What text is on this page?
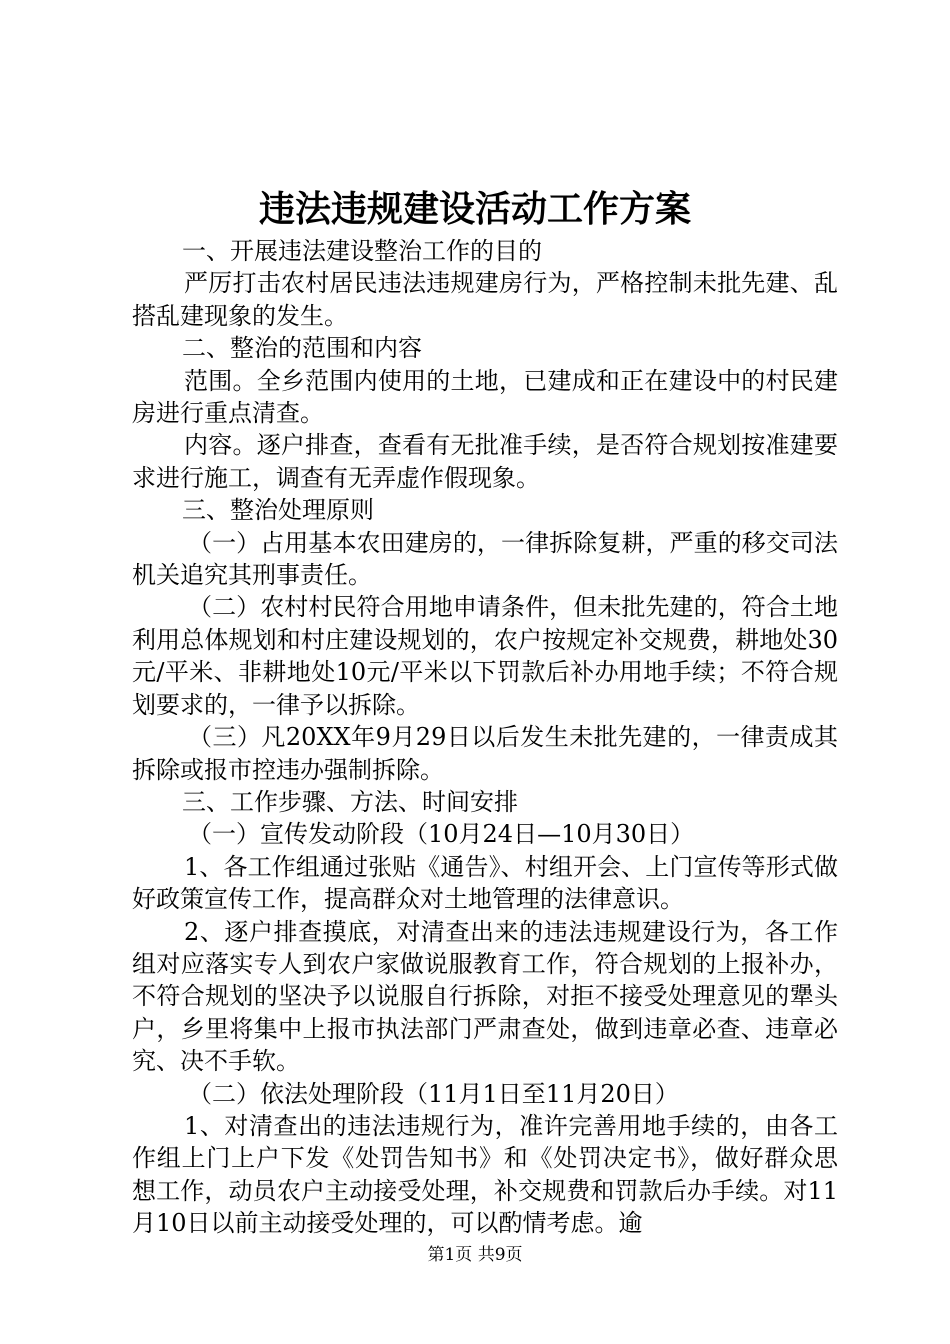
违法违规建设活动工作方案

一、开展违法建设整治工作的目的

严厉打击农村居民违法违规建房行为，严格控制未批先建、乱搭乱建现象的发生。

二、整治的范围和内容

范围。全乡范围内使用的土地，已建成和正在建设中的村民建房进行重点清查。

内容。逐户排查，查看有无批准手续，是否符合规划按准建要求进行施工，调查有无弄虚作假现象。

三、整治处理原则

（一）占用基本农田建房的，一律拆除复耕，严重的移交司法机关追究其刑事责任。

（二）农村村民符合用地申请条件，但未批先建的，符合土地利用总体规划和村庄建设规划的，农户按规定补交规费，耕地处30元/平米、非耕地处10元/平米以下罚款后补办用地手续；不符合规划要求的，一律予以拆除。

（三）凡20XX年9月29日以后发生未批先建的，一律责成其拆除或报市控违办强制拆除。

三、工作步骤、方法、时间安排

（一）宣传发动阶段（10月24日—10月30日）

1、各工作组通过张贴《通告》、村组开会、上门宣传等形式做好政策宣传工作，提高群众对土地管理的法律意识。

2、逐户排查摸底，对清查出来的违法违规建设行为，各工作组对应落实专人到农户家做说服教育工作，符合规划的上报补办，不符合规划的坚决予以说服自行拆除，对拒不接受处理意见的犟头户，乡里将集中上报市执法部门严肃查处，做到违章必查、违章必究、决不手软。

（二）依法处理阶段（11月1日至11月20日）

1、对清查出的违法违规行为，准许完善用地手续的，由各工作组上门上户下发《处罚告知书》和《处罚决定书》，做好群众思想工作，动员农户主动接受处理，补交规费和罚款后办手续。对11月10日以前主动接受处理的，可以酌情考虑。逾

第1页 共9页
